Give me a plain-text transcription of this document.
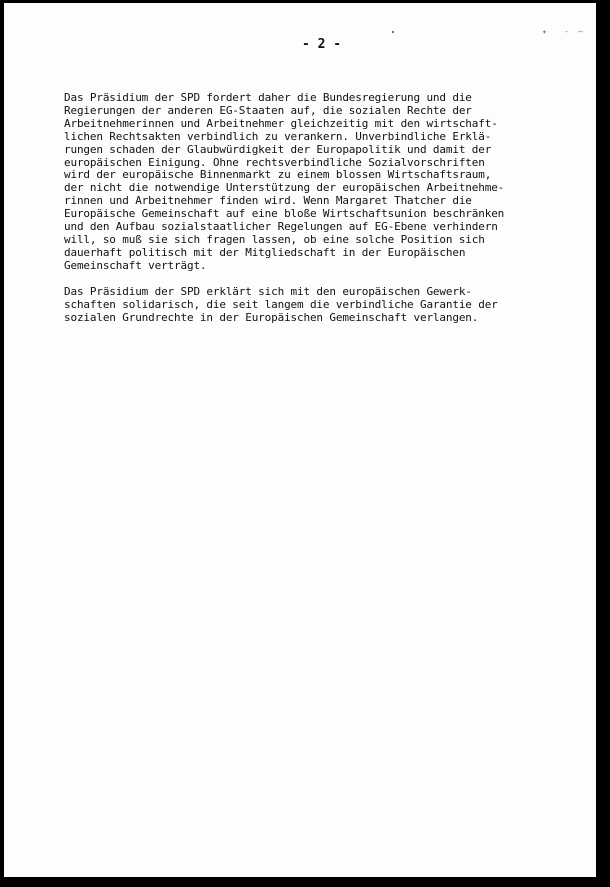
- 2 -
✦ - –

Das Präsidium der SPD fordert daher die Bundesregierung und die
Regierungen der anderen EG-Staaten auf, die sozialen Rechte der
Arbeitnehmerinnen und Arbeitnehmer gleichzeitig mit den wirtschaft-
lichen Rechtsakten verbindlich zu verankern. Unverbindliche Erklä-
rungen schaden der Glaubwürdigkeit der Europapolitik und damit der
europäischen Einigung. Ohne rechtsverbindliche Sozialvorschriften
wird der europäische Binnenmarkt zu einem blossen Wirtschaftsraum,
der nicht die notwendige Unterstützung der europäischen Arbeitnehme-
rinnen und Arbeitnehmer finden wird. Wenn Margaret Thatcher die
Europäische Gemeinschaft auf eine bloße Wirtschaftsunion beschränken
und den Aufbau sozialstaatlicher Regelungen auf EG-Ebene verhindern
will, so muß sie sich fragen lassen, ob eine solche Position sich
dauerhaft politisch mit der Mitgliedschaft in der Europäischen
Gemeinschaft verträgt.

Das Präsidium der SPD erklärt sich mit den europäischen Gewerk-
schaften solidarisch, die seit langem die verbindliche Garantie der
sozialen Grundrechte in der Europäischen Gemeinschaft verlangen.
